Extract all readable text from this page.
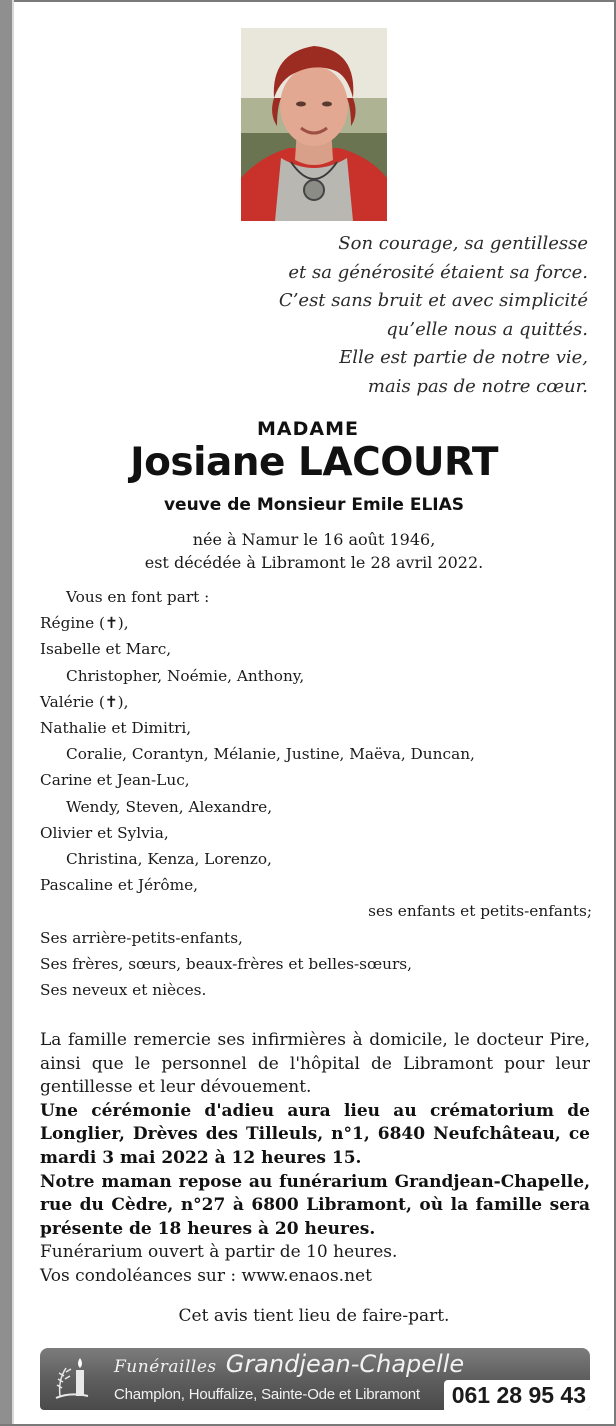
Son courage, sa gentillesse
et sa générosité étaient sa force.
C’est sans bruit et avec simplicité
qu’elle nous a quittés.
Elle est partie de notre vie,
mais pas de notre cœur.
MADAME
Josiane LACOURT
veuve de Monsieur Emile ELIAS
née à Namur le 16 août 1946,
est décédée à Libramont le 28 avril 2022.
Vous en font part :
Régine (✝),
Isabelle et Marc,
Christopher, Noémie, Anthony,
Valérie (✝),
Nathalie et Dimitri,
Coralie, Corantyn, Mélanie, Justine, Maëva, Duncan,
Carine et Jean-Luc,
Wendy, Steven, Alexandre,
Olivier et Sylvia,
Christina, Kenza, Lorenzo,
Pascaline et Jérôme,
ses enfants et petits-enfants;
Ses arrière-petits-enfants,
Ses frères, sœurs, beaux-frères et belles-sœurs,
Ses neveux et nièces.

La famille remercie ses infirmières à domicile, le docteur Pire, ainsi que le personnel de l'hôpital de Libramont pour leur gentillesse et leur dévouement.

Une cérémonie d'adieu aura lieu au crématorium de Longlier, Drèves des Tilleuls, n°1, 6840 Neufchâteau, ce mardi 3 mai 2022 à 12 heures 15.

Notre maman repose au funérarium Grandjean-Chapelle, rue du Cèdre, n°27 à 6800 Libramont, où la famille sera présente de 18 heures à 20 heures.

Funérarium ouvert à partir de 10 heures.

Vos condoléances sur : www.enaos.net

Cet avis tient lieu de faire-part.
Funérailles Grandjean-Chapelle
Champlon, Houffalize, Sainte-Ode et Libramont	061 28 95 43
